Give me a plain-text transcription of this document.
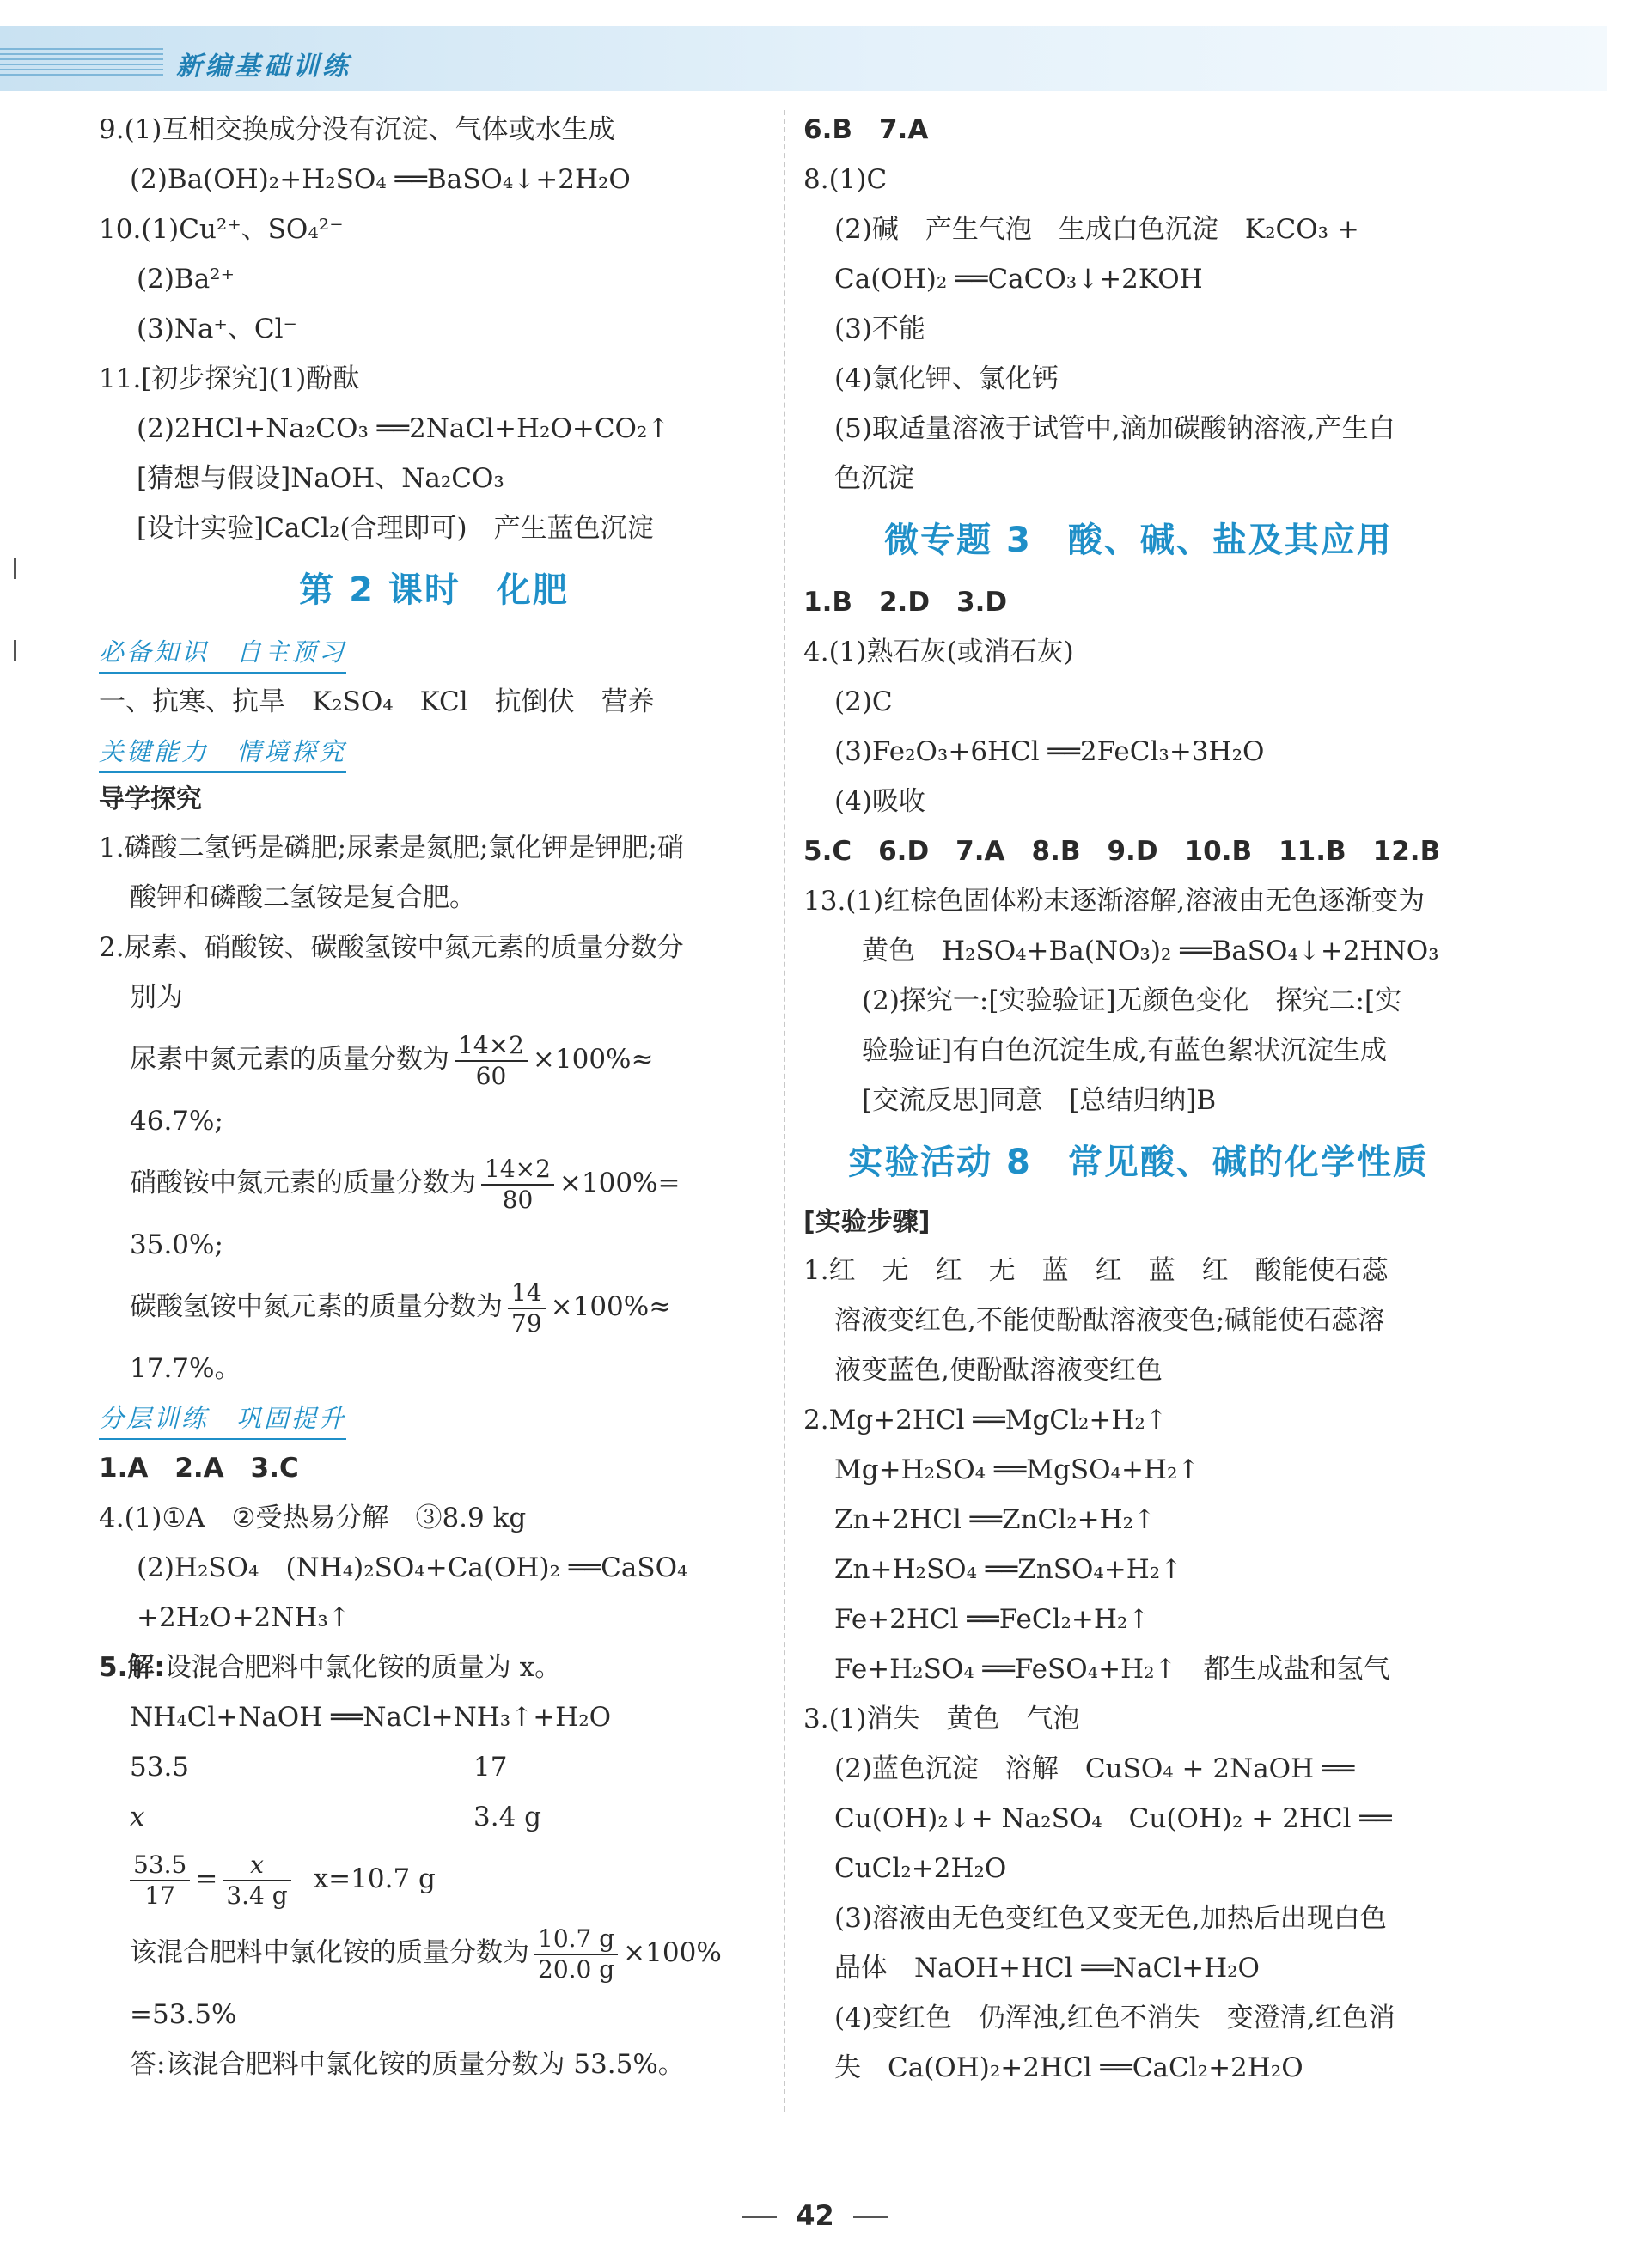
新编基础训练
9.(1)互相交换成分没有沉淀、气体或水生成
(2)Ba(OH)₂+H₂SO₄ ══BaSO₄↓+2H₂O
10.(1)Cu²⁺、SO₄²⁻
(2)Ba²⁺
(3)Na⁺、Cl⁻
11.[初步探究](1)酚酞
(2)2HCl+Na₂CO₃ ══2NaCl+H₂O+CO₂↑
[猜想与假设]NaOH、Na₂CO₃
[设计实验]CaCl₂(合理即可)　产生蓝色沉淀
第 2 课时　化肥
必备知识　自主预习
一、抗寒、抗旱　K₂SO₄　KCl　抗倒伏　营养
关键能力　情境探究
导学探究
1.磷酸二氢钙是磷肥;尿素是氮肥;氯化钾是钾肥;硝
酸钾和磷酸二氢铵是复合肥。
2.尿素、硝酸铵、碳酸氢铵中氮元素的质量分数分
别为
尿素中氮元素的质量分数为 $\frac{14\times 2}{60} \times 100\%\approx$
46.7%;
硝酸铵中氮元素的质量分数为 $\frac{14\times 2}{80} \times 100\%=$
35.0%;
碳酸氢铵中氮元素的质量分数为 $\frac{14}{79} \times 100\%\approx$
17.7%。
分层训练　巩固提升
1.A　2.A　3.C
4.(1)①A　②受热易分解　③8.9 kg
(2)H₂SO₄　(NH₄)₂SO₄+Ca(OH)₂ ══CaSO₄
+2H₂O+2NH₃↑
5.解:设混合肥料中氯化铵的质量为 x。
NH₄Cl+NaOH ══NaCl+NH₃↑+H₂O
53.5	17
x	3.4 g
$\frac{53.5}{17} = \frac{x}{3.4 g} x=10.7$ g
该混合肥料中氯化铵的质量分数为 $\frac{10.7 g}{20.0 g} \times 100\%$
=53.5%
答:该混合肥料中氯化铵的质量分数为 53.5%。
6.B　7.A
8.(1)C
(2)碱　产生气泡　生成白色沉淀　K₂CO₃ +
Ca(OH)₂ ══CaCO₃↓+2KOH
(3)不能
(4)氯化钾、氯化钙
(5)取适量溶液于试管中,滴加碳酸钠溶液,产生白
色沉淀
微专题 3　酸、碱、盐及其应用
1.B　2.D　3.D
4.(1)熟石灰(或消石灰)
(2)C
(3)Fe₂O₃+6HCl ══2FeCl₃+3H₂O
(4)吸收
5.C　6.D　7.A　8.B　9.D　10.B　11.B　12.B
13.(1)红棕色固体粉末逐渐溶解,溶液由无色逐渐变为
黄色　H₂SO₄+Ba(NO₃)₂ ══BaSO₄↓+2HNO₃
(2)探究一:[实验验证]无颜色变化　探究二:[实
验验证]有白色沉淀生成,有蓝色絮状沉淀生成
[交流反思]同意　[总结归纳]B
实验活动 8　常见酸、碱的化学性质
[实验步骤]
1.红　无　红　无　蓝　红　蓝　红　酸能使石蕊
溶液变红色,不能使酚酞溶液变色;碱能使石蕊溶
液变蓝色,使酚酞溶液变红色
2.Mg+2HCl ══MgCl₂+H₂↑
Mg+H₂SO₄ ══MgSO₄+H₂↑
Zn+2HCl ══ZnCl₂+H₂↑
Zn+H₂SO₄ ══ZnSO₄+H₂↑
Fe+2HCl ══FeCl₂+H₂↑
Fe+H₂SO₄ ══FeSO₄+H₂↑　都生成盐和氢气
3.(1)消失　黄色　气泡
(2)蓝色沉淀　溶解　CuSO₄ + 2NaOH ══
Cu(OH)₂↓+ Na₂SO₄　Cu(OH)₂ + 2HCl ══
CuCl₂+2H₂O
(3)溶液由无色变红色又变无色,加热后出现白色
晶体　NaOH+HCl ══NaCl+H₂O
(4)变红色　仍浑浊,红色不消失　变澄清,红色消
失　Ca(OH)₂+2HCl ══CaCl₂+2H₂O
42
